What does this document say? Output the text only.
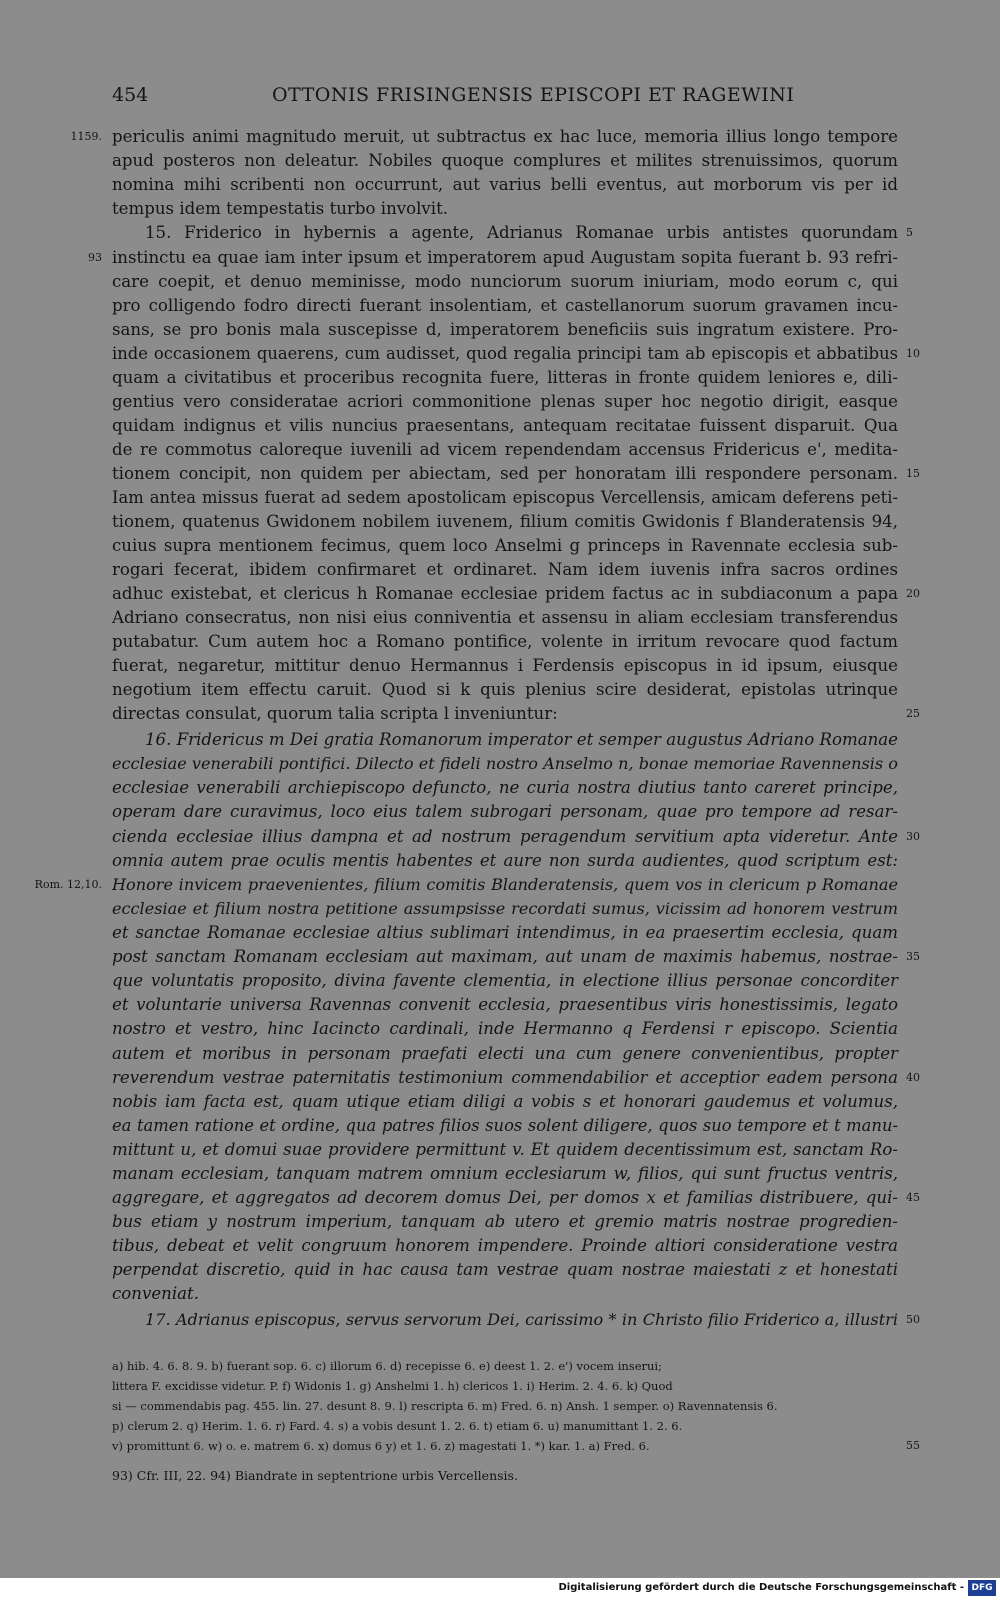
454	OTTONIS FRISINGENSIS EPISCOPI ET RAGEWINI
1159.
93
Rom. 12,10.
periculis animi magnitudo meruit, ut subtractus ex hac luce, memoria illius longo tempore
apud posteros non deleatur. Nobiles quoque complures et milites strenuissimos, quorum
nomina mihi scribenti non occurrunt, aut varius belli eventus, aut morborum vis per id
tempus idem tempestatis turbo involvit.
15. Friderico in hybernis a agente, Adrianus Romanae urbis antistes quorundam
instinctu ea quae iam inter ipsum et imperatorem apud Augustam sopita fuerant b. 93 refri-
care coepit, et denuo meminisse, modo nunciorum suorum iniuriam, modo eorum c, qui
pro colligendo fodro directi fuerant insolentiam, et castellanorum suorum gravamen incu-
sans, se pro bonis mala suscepisse d, imperatorem beneficiis suis ingratum existere. Pro-
inde occasionem quaerens, cum audisset, quod regalia principi tam ab episcopis et abbatibus
quam a civitatibus et proceribus recognita fuere, litteras in fronte quidem leniores e, dili-
gentius vero consideratae acriori commonitione plenas super hoc negotio dirigit, easque
quidam indignus et vilis nuncius praesentans, antequam recitatae fuissent disparuit. Qua
de re commotus caloreque iuvenili ad vicem rependendam accensus Fridericus e', medita-
tionem concipit, non quidem per abiectam, sed per honoratam illi respondere personam.
Iam antea missus fuerat ad sedem apostolicam episcopus Vercellensis, amicam deferens peti-
tionem, quatenus Gwidonem nobilem iuvenem, filium comitis Gwidonis f Blanderatensis 94,
cuius supra mentionem fecimus, quem loco Anselmi g princeps in Ravennate ecclesia sub-
rogari fecerat, ibidem confirmaret et ordinaret. Nam idem iuvenis infra sacros ordines
adhuc existebat, et clericus h Romanae ecclesiae pridem factus ac in subdiaconum a papa
Adriano consecratus, non nisi eius conniventia et assensu in aliam ecclesiam transferendus
putabatur. Cum autem hoc a Romano pontifice, volente in irritum revocare quod factum
fuerat, negaretur, mittitur denuo Hermannus i Ferdensis episcopus in id ipsum, eiusque
negotium item effectu caruit. Quod si k quis plenius scire desiderat, epistolas utrinque
directas consulat, quorum talia scripta l inveniuntur:
16. Fridericus m Dei gratia Romanorum imperator et semper augustus Adriano Romanae
ecclesiae venerabili pontifici. Dilecto et fideli nostro Anselmo n, bonae memoriae Ravennensis o
ecclesiae venerabili archiepiscopo defuncto, ne curia nostra diutius tanto careret principe,
operam dare curavimus, loco eius talem subrogari personam, quae pro tempore ad resar-
cienda ecclesiae illius dampna et ad nostrum peragendum servitium apta videretur. Ante
omnia autem prae oculis mentis habentes et aure non surda audientes, quod scriptum est:
Honore invicem praevenientes, filium comitis Blanderatensis, quem vos in clericum p Romanae
ecclesiae et filium nostra petitione assumpsisse recordati sumus, vicissim ad honorem vestrum
et sanctae Romanae ecclesiae altius sublimari intendimus, in ea praesertim ecclesia, quam
post sanctam Romanam ecclesiam aut maximam, aut unam de maximis habemus, nostrae-
que voluntatis proposito, divina favente clementia, in electione illius personae concorditer
et voluntarie universa Ravennas convenit ecclesia, praesentibus viris honestissimis, legato
nostro et vestro, hinc Iacincto cardinali, inde Hermanno q Ferdensi r episcopo. Scientia
autem et moribus in personam praefati electi una cum genere convenientibus, propter
reverendum vestrae paternitatis testimonium commendabilior et acceptior eadem persona
nobis iam facta est, quam utique etiam diligi a vobis s et honorari gaudemus et volumus,
ea tamen ratione et ordine, qua patres filios suos solent diligere, quos suo tempore et t manu-
mittunt u, et domui suae providere permittunt v. Et quidem decentissimum est, sanctam Ro-
manam ecclesiam, tanquam matrem omnium ecclesiarum w, filios, qui sunt fructus ventris,
aggregare, et aggregatos ad decorem domus Dei, per domos x et familias distribuere, qui-
bus etiam y nostrum imperium, tanquam ab utero et gremio matris nostrae progredien-
tibus, debeat et velit congruum honorem impendere. Proinde altiori consideratione vestra
perpendat discretio, quid in hac causa tam vestrae quam nostrae maiestati z et honestati
conveniat.
17. Adrianus episcopus, servus servorum Dei, carissimo * in Christo filio Friderico a, illustri
5
10
15
20
25
30
35
40
45
50
55
a) hib. 4. 6. 8. 9. b) fuerant sop. 6. c) illorum 6. d) recepisse 6. e) deest 1. 2. e') vocem inserui;
littera F. excidisse videtur. P. f) Widonis 1. g) Anshelmi 1. h) clericos 1. i) Herim. 2. 4. 6. k) Quod
si — commendabis pag. 455. lin. 27. desunt 8. 9. l) rescripta 6. m) Fred. 6. n) Ansh. 1 semper. o) Ravennatensis 6.
p) clerum 2. q) Herim. 1. 6. r) Fard. 4. s) a vobis desunt 1. 2. 6. t) etiam 6. u) manumittant 1. 2. 6.
v) promittunt 6. w) o. e. matrem 6. x) domus 6 y) et 1. 6. z) magestati 1. *) kar. 1. a) Fred. 6.
93) Cfr. III, 22. 94) Biandrate in septentrione urbis Vercellensis.
Digitalisierung gefördert durch die Deutsche Forschungsgemeinschaft - DFG
